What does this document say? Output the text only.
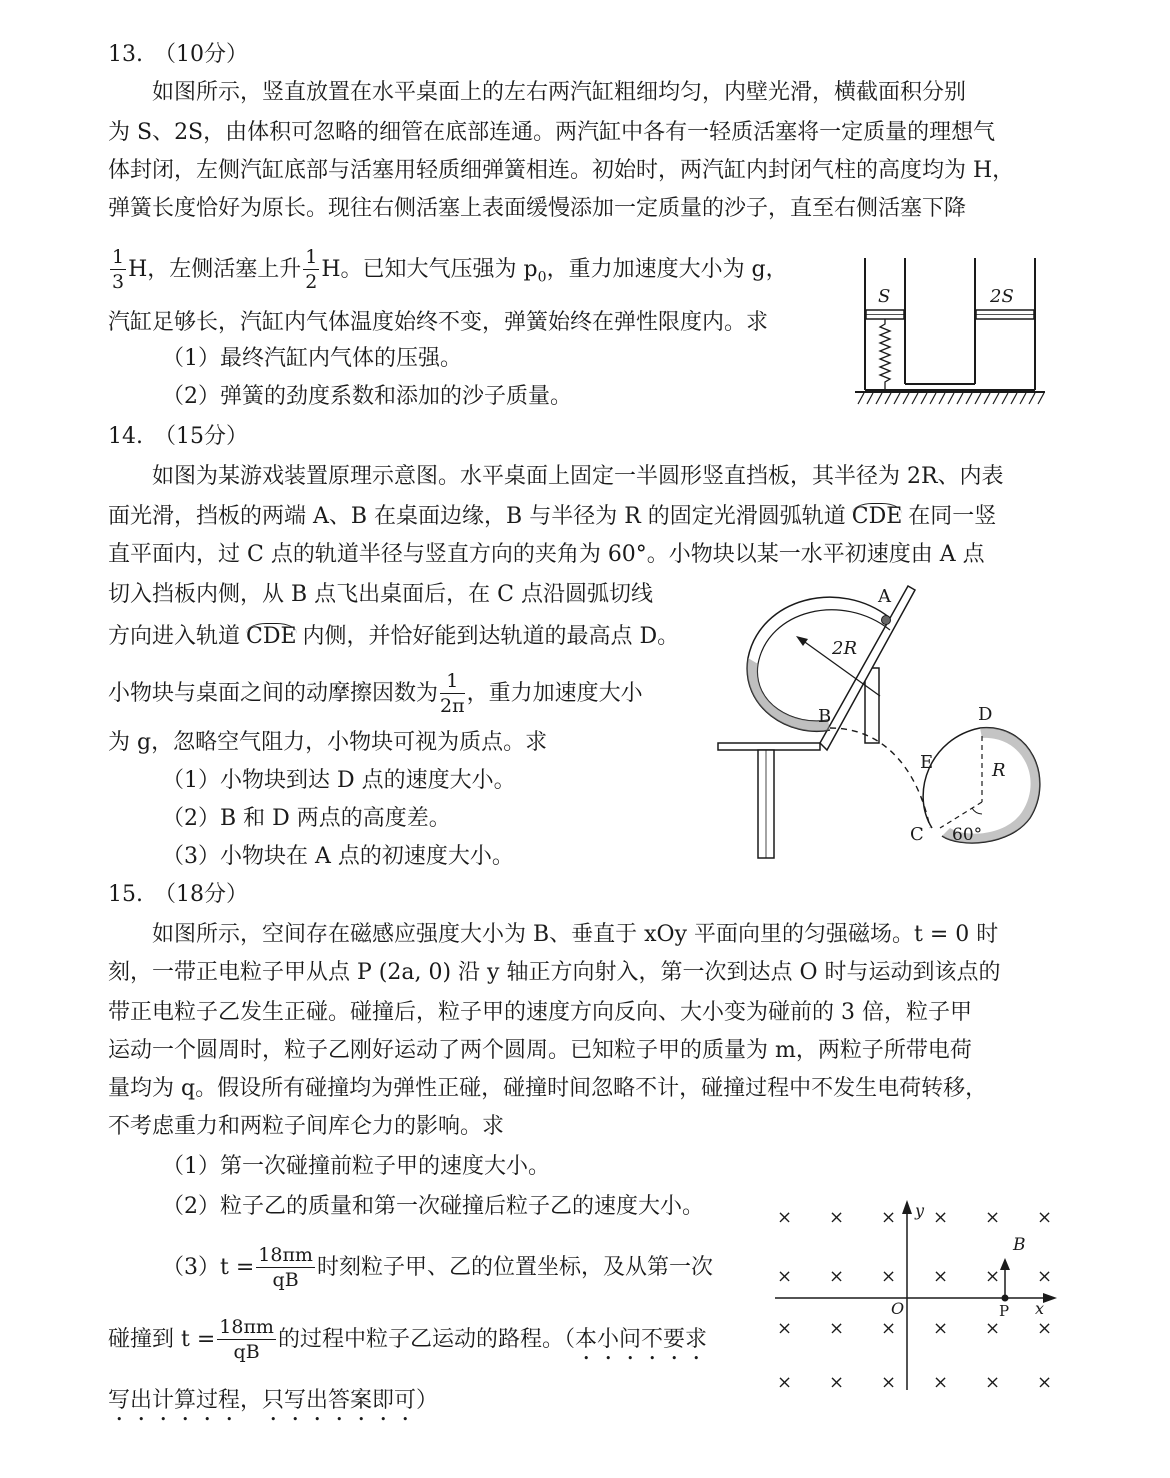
13.　（10分）
如图所示，竖直放置在水平桌面上的左右两汽缸粗细均匀，内壁光滑，横截面积分别
为 S、2S，由体积可忽略的细管在底部连通。两汽缸中各有一轻质活塞将一定质量的理想气
体封闭，左侧汽缸底部与活塞用轻质细弹簧相连。初始时，两汽缸内封闭气柱的高度均为 H，
弹簧长度恰好为原长。现往右侧活塞上表面缓慢添加一定质量的沙子，直至右侧活塞下降
$\frac{1}{3}$ H，左侧活塞上升 $\frac{1}{2}$ H。已知大气压强为 $p_0$，重力加速度大小为 g，
汽缸足够长，汽缸内气体温度始终不变，弹簧始终在弹性限度内。求
（1）最终汽缸内气体的压强。
（2）弹簧的劲度系数和添加的沙子质量。
S	2S
14.　（15分）
如图为某游戏装置原理示意图。水平桌面上固定一半圆形竖直挡板，其半径为 2R、内表
面光滑，挡板的两端 A、B 在桌面边缘，B 与半径为 R 的固定光滑圆弧轨道 CDE 在同一竖
直平面内，过 C 点的轨道半径与竖直方向的夹角为 60°。小物块以某一水平初速度由 A 点
切入挡板内侧，从 B 点飞出桌面后，在 C 点沿圆弧切线
方向进入轨道 CDE 内侧，并恰好能到达轨道的最高点 D。
小物块与桌面之间的动摩擦因数为 $\frac{1}{2\pi}$ ，重力加速度大小
为 g，忽略空气阻力，小物块可视为质点。求
（1）小物块到达 D 点的速度大小。
（2）B 和 D 两点的高度差。
（3）小物块在 A 点的初速度大小。
2R
A
B	D
E	R
C 60°
15.　（18分）
如图所示，空间存在磁感应强度大小为 B、垂直于 xOy 平面向里的匀强磁场。t = 0 时
刻，一带正电粒子甲从点 P (2a, 0) 沿 y 轴正方向射入，第一次到达点 O 时与运动到该点的
带正电粒子乙发生正碰。碰撞后，粒子甲的速度方向反向、大小变为碰前的 3 倍，粒子甲
运动一个圆周时，粒子乙刚好运动了两个圆周。已知粒子甲的质量为 m，两粒子所带电荷
量均为 q。假设所有碰撞均为弹性正碰，碰撞时间忽略不计，碰撞过程中不发生电荷转移，
不考虑重力和两粒子间库仑力的影响。求
（1）第一次碰撞前粒子甲的速度大小。
（2）粒子乙的质量和第一次碰撞后粒子乙的速度大小。
$(3)t = \frac{18\pi m}{qB}$ 时刻粒子甲、乙的位置坐标，及从第一次
碰撞到 $t = \frac{18\pi m}{qB}$ 的过程中粒子乙运动的路程。（本小问不要求
写出计算过程，只写出答案即可）
y
x
O
B
P
× × × × × ×
× × × × × ×
× × × × × ×
× × × × × ×
